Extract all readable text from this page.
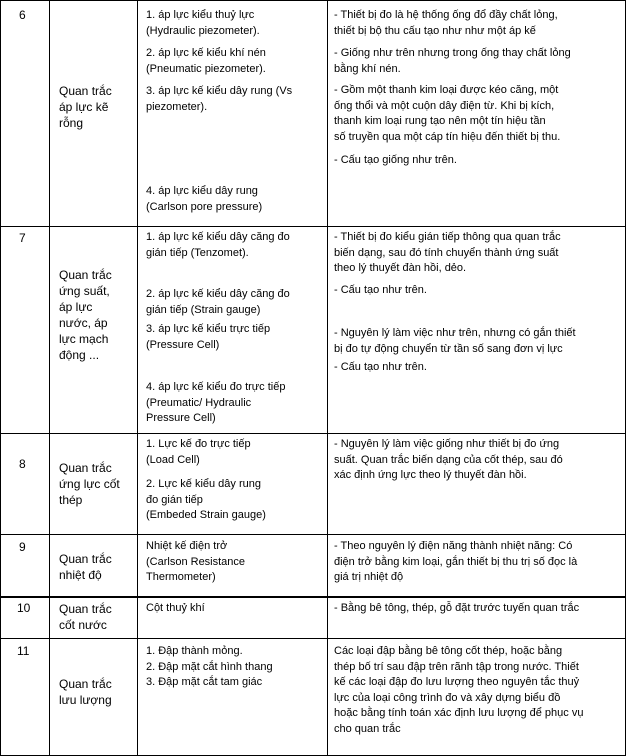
6
Quan trắc
áp lực kẽ
rỗng
1. áp lực kiểu thuỷ lực
(Hydraulic piezometer).
2. áp lực kế kiểu khí nén
(Pneumatic piezometer).
3. áp lực kế kiểu dây rung (Vs
piezometer).
4. áp lực kiểu dây rung
(Carlson pore pressure)
- Thiết bị đo là hệ thống ống đổ đầy chất lỏng,
thiết bị bộ thu cấu tạo như như một áp kế
- Giống như trên nhưng trong ống thay chất lỏng
bằng khí nén.
- Gồm một thanh kim loại được kéo căng, một
ống thổi và một cuộn dây điện từ. Khi bị kích,
thanh kim loại rung tạo nên một tín hiệu tần
số truyền qua một cáp tín hiệu đến thiết bị thu.
- Cấu tạo giống như trên.
7
Quan trắc
ứng suất,
áp lực
nước, áp
lực mạch
động ...
1. áp lực kế kiểu dây căng đo
gián tiếp (Tenzomet).
2. áp lực kế kiểu dây căng đo
gián tiếp (Strain gauge)
3. áp lực kế kiểu trực tiếp
(Pressure Cell)
4. áp lực kế kiểu đo trực tiếp
(Preumatic/ Hydraulic
Pressure Cell)
- Thiết bị đo kiểu gián tiếp thông qua quan trắc
biến dạng, sau đó tính chuyển thành ứng suất
theo lý thuyết đàn hồi, dẻo.
- Cấu tạo như trên.
- Nguyên lý làm việc như trên, nhưng có gắn thiết
bị đo tự động chuyển từ tần số sang đơn vị lực
- Cấu tạo như trên.
8	Quan trắc
ứng lực cốt
thép
1. Lực kế đo trực tiếp
(Load Cell)
2. Lực kế kiểu dây rung
đo gián tiếp
(Embeded Strain gauge)
- Nguyên lý làm việc giống như thiết bị đo ứng
suất. Quan trắc biến dạng của cốt thép, sau đó
xác định ứng lực theo lý thuyết đàn hồi.
9
Quan trắc
nhiệt độ
Nhiệt kế điện trở
(Carlson Resistance
Thermometer)
- Theo nguyên lý điện năng thành nhiệt năng: Có
điện trở bằng kim loại, gắn thiết bị thu trị số đọc là
giá trị nhiệt độ
10 Quan trắc
cốt nước
Cột thuỷ khí	- Bằng bê tông, thép, gỗ đặt trước tuyến quan trắc
11
Quan trắc
lưu lượng
1. Đập thành mỏng.
2. Đập mặt cắt hình thang
3. Đập mặt cắt tam giác
Các loại đập bằng bê tông cốt thép, hoặc bằng
thép bố trí sau đập trên rãnh tập trong nước. Thiết
kế các loại đập đo lưu lượng theo nguyên tắc thuỷ
lực của loại công trình đo và xây dựng biểu đồ
hoặc bằng tính toán xác định lưu lượng để phục vụ
cho quan trắc
